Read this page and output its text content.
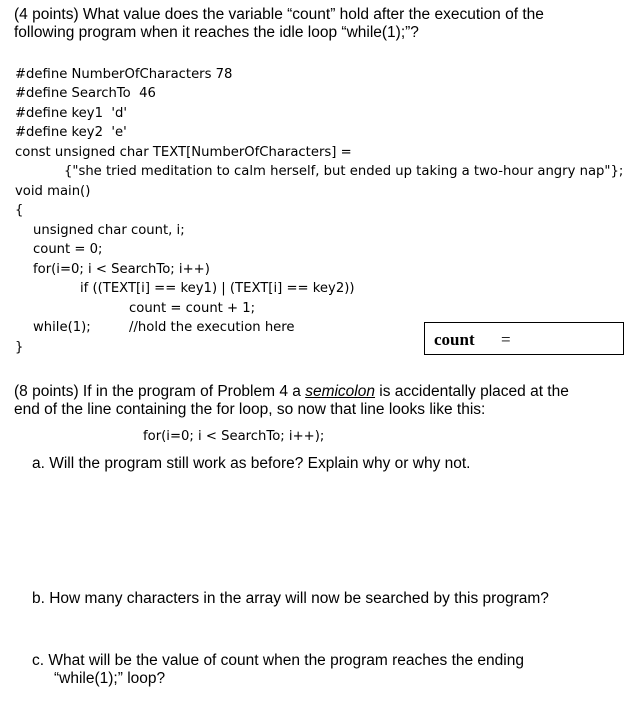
(4 points) What value does the variable “count” hold after the execution of the
following program when it reaches the idle loop “while(1);”?
#define NumberOfCharacters 78
#define SearchTo  46
#define key1  'd'
#define key2  'e'
const unsigned char TEXT[NumberOfCharacters] =
{"she tried meditation to calm herself, but ended up taking a two-hour angry nap"};
void main()
{
unsigned char count, i;
count = 0;
for(i=0; i < SearchTo; i++)
if ((TEXT[i] == key1) | (TEXT[i] == key2))
count = count + 1;
while(1);	//hold the execution here
}	count =
(8 points) If in the program of Problem 4 a semicolon is accidentally placed at the
end of the line containing the for loop, so now that line looks like this:
for(i=0; i < SearchTo; i++);
a. Will the program still work as before? Explain why or why not.
b. How many characters in the array will now be searched by this program?
c. What will be the value of count when the program reaches the ending
“while(1);” loop?
